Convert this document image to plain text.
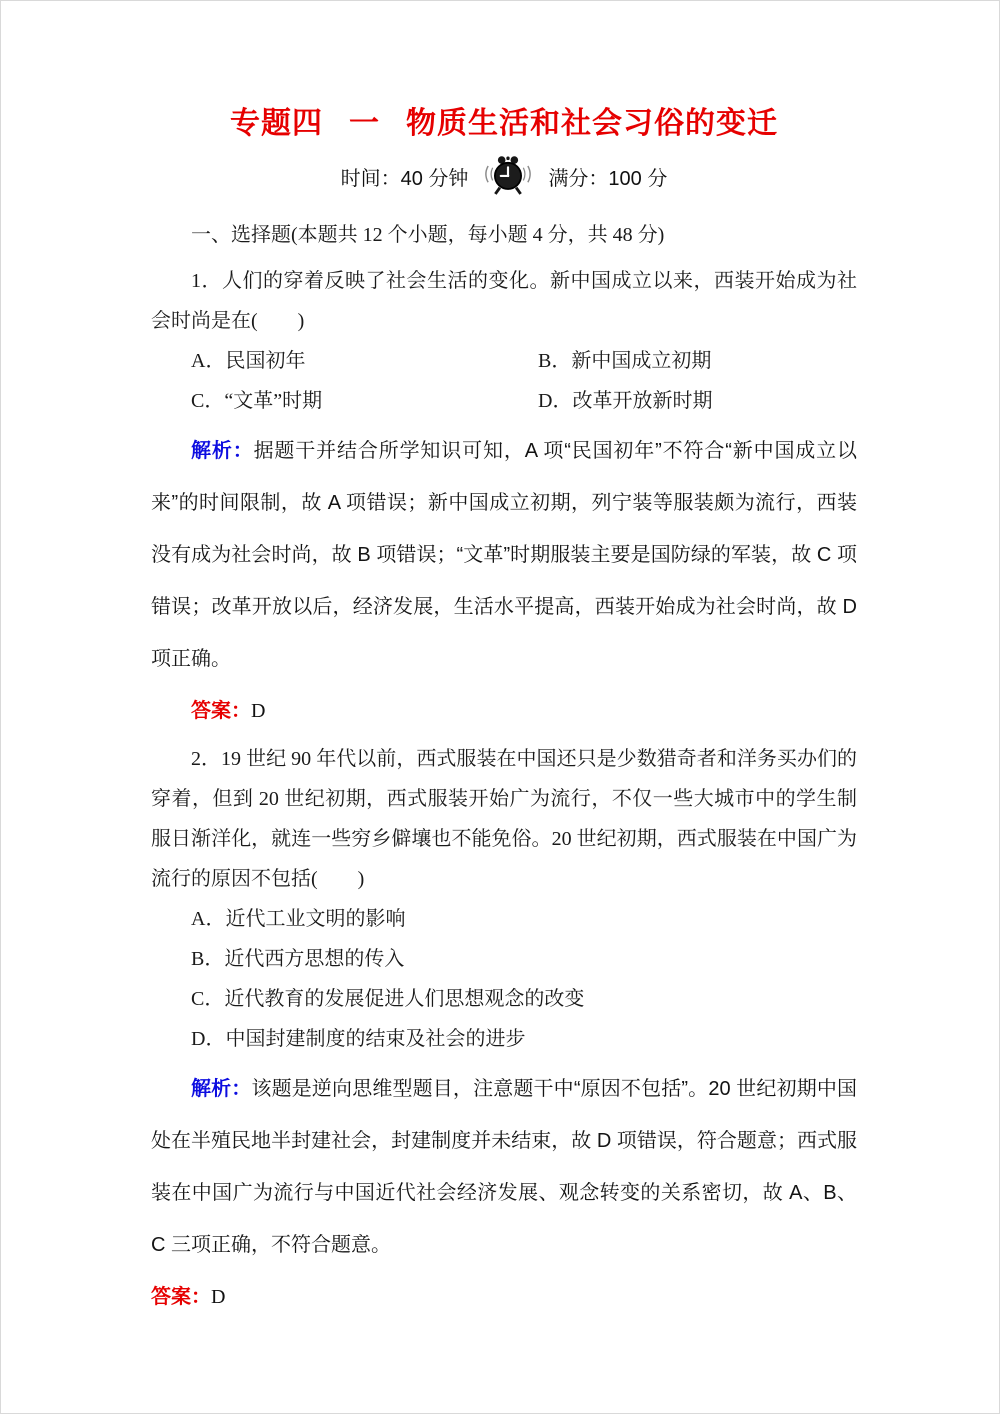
专题四 一 物质生活和社会习俗的变迁
时间：40 分钟	满分：100 分

一、选择题(本题共 12 个小题，每小题 4 分，共 48 分)

1．人们的穿着反映了社会生活的变化。新中国成立以来，西装开始成为社会时尚是在(　　)

A．民国初年	B．新中国成立初期
C．“文革”时期	D．改革开放新时期

解析：据题干并结合所学知识可知，A 项“民国初年”不符合“新中国成立以来”的时间限制，故 A 项错误；新中国成立初期，列宁装等服装颇为流行，西装没有成为社会时尚，故 B 项错误；“文革”时期服装主要是国防绿的军装，故 C 项错误；改革开放以后，经济发展，生活水平提高，西装开始成为社会时尚，故 D 项正确。

答案：D

2．19 世纪 90 年代以前，西式服装在中国还只是少数猎奇者和洋务买办们的穿着，但到 20 世纪初期，西式服装开始广为流行，不仅一些大城市中的学生制服日渐洋化，就连一些穷乡僻壤也不能免俗。20 世纪初期，西式服装在中国广为流行的原因不包括(　　)

A．近代工业文明的影响
B．近代西方思想的传入
C．近代教育的发展促进人们思想观念的改变
D．中国封建制度的结束及社会的进步

解析：该题是逆向思维型题目，注意题干中“原因不包括”。20 世纪初期中国处在半殖民地半封建社会，封建制度并未结束，故 D 项错误，符合题意；西式服装在中国广为流行与中国近代社会经济发展、观念转变的关系密切，故 A、B、C 三项正确，不符合题意。

答案：D
